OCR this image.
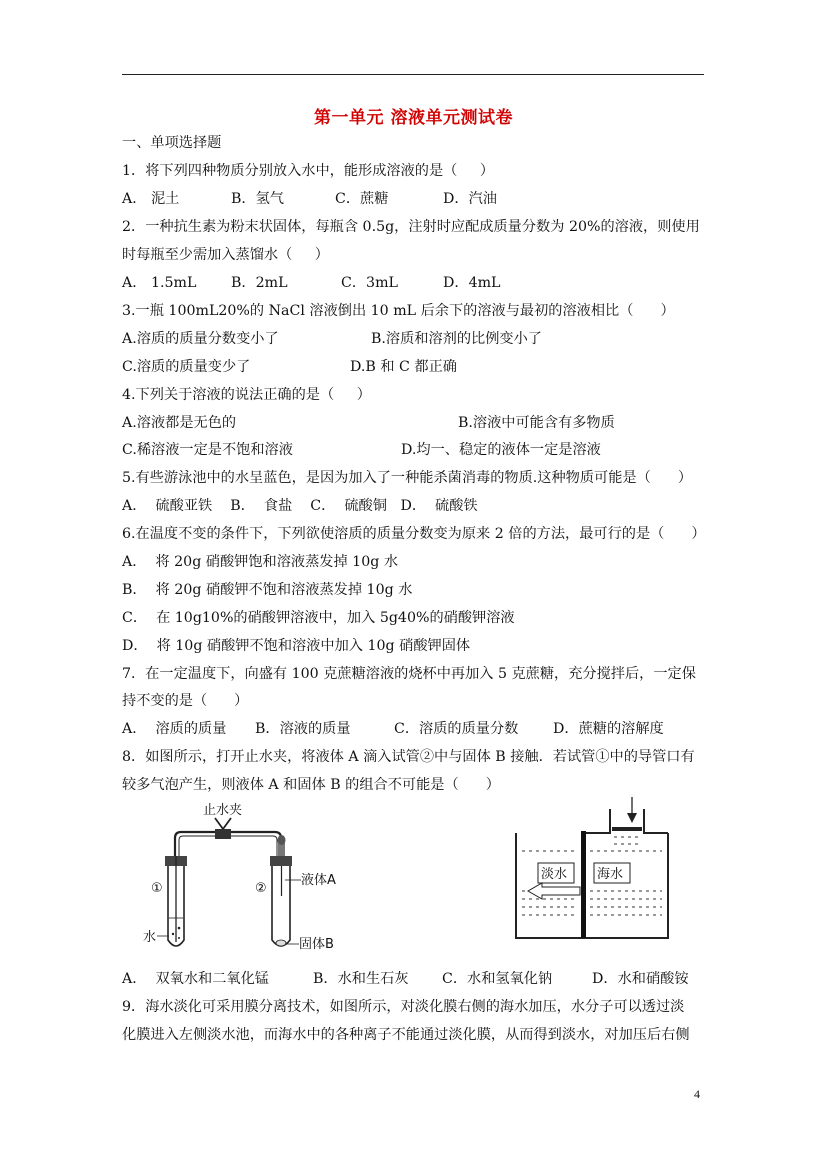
第一单元 溶液单元测试卷
一、单项选择题
1．将下列四种物质分别放入水中，能形成溶液的是（     ）
A． 泥土	B．氢气	C．蔗糖	D．汽油
2．一种抗生素为粉末状固体，每瓶含 0.5g，注射时应配成质量分数为 20%的溶液，则使用
时每瓶至少需加入蒸馏水（     ）
A． 1.5mL B．2mL	C．3mL	D．4mL
3.一瓶 100mL20%的 NaCl 溶液倒出 10 mL 后余下的溶液与最初的溶液相比（      ）
A.溶质的质量分数变小了	B.溶质和溶剂的比例变小了
C.溶质的质量变少了	D.B 和 C 都正确
4.下列关于溶液的说法正确的是（     ）
A.溶液都是无色的	B.溶液中可能含有多物质
C.稀溶液一定是不饱和溶液	D.均一、稳定的液体一定是溶液
5.有些游泳池中的水呈蓝色，是因为加入了一种能杀菌消毒的物质.这种物质可能是（      ）
A．  硫酸亚铁    B．  食盐    C．  硫酸铜   D．  硫酸铁
6.在温度不变的条件下，下列欲使溶质的质量分数变为原来 2 倍的方法，最可行的是（      ）
A．  将 20g 硝酸钾饱和溶液蒸发掉 10g 水
B．  将 20g 硝酸钾不饱和溶液蒸发掉 10g 水
C．  在 10g10%的硝酸钾溶液中，加入 5g40%的硝酸钾溶液
D．  将 10g 硝酸钾不饱和溶液中加入 10g 硝酸钾固体
7．在一定温度下，向盛有 100 克蔗糖溶液的烧杯中再加入 5 克蔗糖，充分搅拌后，一定保
持不变的是（      ）
A．  溶质的质量 B．溶液的质量	C．溶质的质量分数 D．蔗糖的溶解度
8．如图所示，打开止水夹，将液体 A 滴入试管②中与固体 B 接触．若试管①中的导管口有
较多气泡产生，则液体 A 和固体 B 的组合不可能是（      ）
止水夹
①
水
②
液体A
固体B
淡水 海水
A．  双氧水和二氧化锰	B．水和生石灰 C．水和氢氧化钠	D．水和硝酸铵
9．海水淡化可采用膜分离技术，如图所示，对淡化膜右侧的海水加压，水分子可以透过淡
化膜进入左侧淡水池，而海水中的各种离子不能通过淡化膜，从而得到淡水，对加压后右侧
4
